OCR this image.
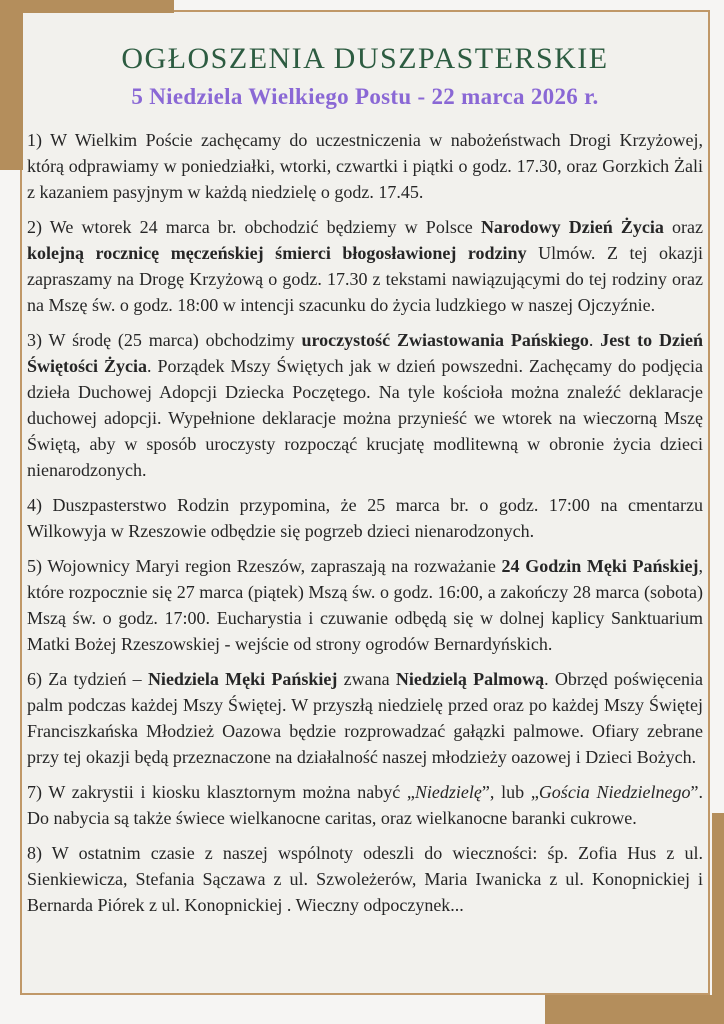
OGŁOSZENIA DUSZPASTERSKIE
5 Niedziela Wielkiego Postu - 22 marca 2026 r.

1) W Wielkim Poście zachęcamy do uczestniczenia w nabożeństwach Drogi Krzyżowej, którą odprawiamy w poniedziałki, wtorki, czwartki i piątki o godz. 17.30, oraz Gorzkich Żali z kazaniem pasyjnym w każdą niedzielę o godz. 17.45.

2) We wtorek 24 marca br. obchodzić będziemy w Polsce Narodowy Dzień Życia oraz kolejną rocznicę męczeńskiej śmierci błogosławionej rodziny Ulmów. Z tej okazji zapraszamy na Drogę Krzyżową o godz. 17.30 z tekstami nawiązującymi do tej rodziny oraz na Mszę św. o godz. 18:00 w intencji szacunku do życia ludzkiego w naszej Ojczyźnie.

3) W środę (25 marca) obchodzimy uroczystość Zwiastowania Pańskiego. Jest to Dzień Świętości Życia. Porządek Mszy Świętych jak w dzień powszedni. Zachęcamy do podjęcia dzieła Duchowej Adopcji Dziecka Poczętego. Na tyle kościoła można znaleźć deklaracje duchowej adopcji. Wypełnione deklaracje można przynieść we wtorek na wieczorną Mszę Świętą, aby w sposób uroczysty rozpocząć krucjatę modlitewną w obronie życia dzieci nienarodzonych.

4) Duszpasterstwo Rodzin przypomina, że 25 marca br. o godz. 17:00 na cmentarzu Wilkowyja w Rzeszowie odbędzie się pogrzeb dzieci nienarodzonych.

5) Wojownicy Maryi region Rzeszów, zapraszają na rozważanie 24 Godzin Męki Pańskiej, które rozpocznie się 27 marca (piątek) Mszą św. o godz. 16:00, a zakończy 28 marca (sobota) Mszą św. o godz. 17:00. Eucharystia i czuwanie odbędą się w dolnej kaplicy Sanktuarium Matki Bożej Rzeszowskiej - wejście od strony ogrodów Bernardyńskich.

6) Za tydzień – Niedziela Męki Pańskiej zwana Niedzielą Palmową. Obrzęd poświęcenia palm podczas każdej Mszy Świętej. W przyszłą niedzielę przed oraz po każdej Mszy Świętej Franciszkańska Młodzież Oazowa będzie rozprowadzać gałązki palmowe. Ofiary zebrane przy tej okazji będą przeznaczone na działalność naszej młodzieży oazowej i Dzieci Bożych.

7) W zakrystii i kiosku klasztornym można nabyć „Niedzielę”, lub „Gościa Niedzielnego”. Do nabycia są także świece wielkanocne caritas, oraz wielkanocne baranki cukrowe.

8) W ostatnim czasie z naszej wspólnoty odeszli do wieczności: śp. Zofia Hus z ul. Sienkiewicza, Stefania Sączawa z ul. Szwoleżerów, Maria Iwanicka z ul. Konopnickiej i Bernarda Piórek z ul. Konopnickiej . Wieczny odpoczynek...
